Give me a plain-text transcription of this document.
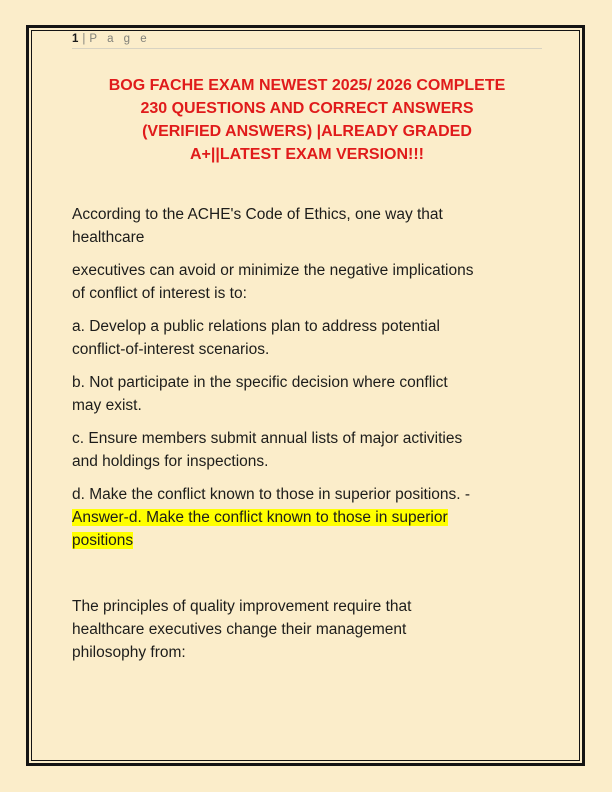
1 | P a g e
BOG FACHE EXAM NEWEST 2025/ 2026 COMPLETE
230 QUESTIONS AND CORRECT ANSWERS
(VERIFIED ANSWERS) |ALREADY GRADED
A+||LATEST EXAM VERSION!!!

According to the ACHE's Code of Ethics, one way that
healthcare

executives can avoid or minimize the negative implications
of conflict of interest is to:

a. Develop a public relations plan to address potential
conflict-of-interest scenarios.

b. Not participate in the specific decision where conflict
may exist.

c. Ensure members submit annual lists of major activities
and holdings for inspections.

d. Make the conflict known to those in superior positions. -
Answer-d. Make the conflict known to those in superior
positions

The principles of quality improvement require that
healthcare executives change their management
philosophy from:
